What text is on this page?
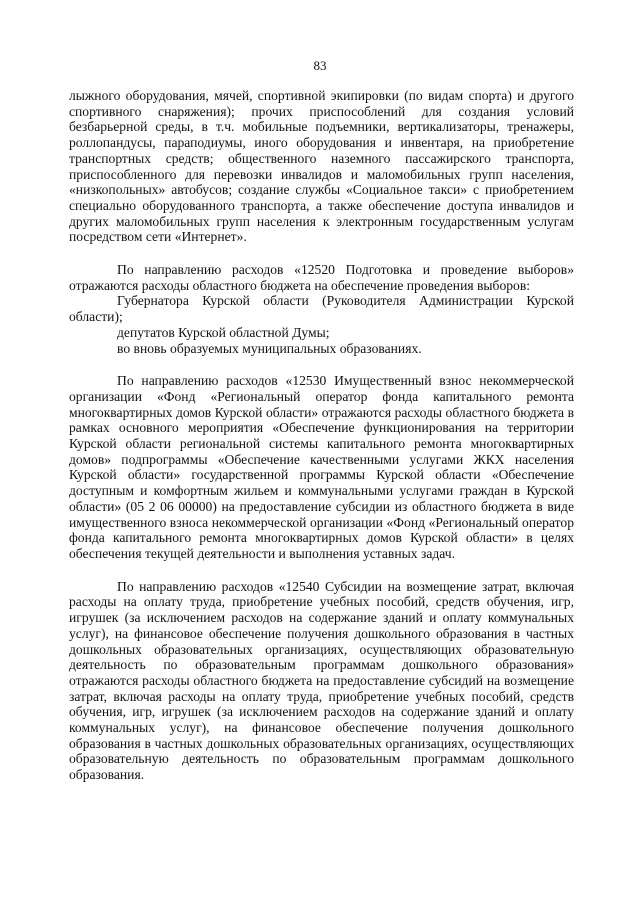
83

лыжного оборудования, мячей, спортивной экипировки (по видам спорта) и другого спортивного снаряжения); прочих приспособлений для создания условий безбарьерной среды, в т.ч. мобильные подъемники, вертикализаторы, тренажеры, роллопандусы, параподиумы, иного оборудования и инвентаря, на приобретение транспортных средств; общественного наземного пассажирского транспорта, приспособленного для перевозки инвалидов и маломобильных групп населения, «низкопольных» автобусов; создание службы «Социальное такси» с приобретением специально оборудованного транспорта, а также обеспечение доступа инвалидов и других маломобильных групп населения к электронным государственным услугам посредством сети «Интернет».

По направлению расходов «12520 Подготовка и проведение выборов» отражаются расходы областного бюджета на обеспечение проведения выборов:

Губернатора Курской области (Руководителя Администрации Курской области);

депутатов Курской областной Думы;

во вновь образуемых муниципальных образованиях.

По направлению расходов «12530 Имущественный взнос некоммерческой организации «Фонд «Региональный оператор фонда капитального ремонта многоквартирных домов Курской области» отражаются расходы областного бюджета в рамках основного мероприятия «Обеспечение функционирования на территории Курской области региональной системы капитального ремонта многоквартирных домов» подпрограммы «Обеспечение качественными услугами ЖКХ населения Курской области» государственной программы Курской области «Обеспечение доступным и комфортным жильем и коммунальными услугами граждан в Курской области» (05 2 06 00000) на предоставление субсидии из областного бюджета в виде имущественного взноса некоммерческой организации «Фонд «Региональный оператор фонда капитального ремонта многоквартирных домов Курской области» в целях обеспечения текущей деятельности и выполнения уставных задач.

По направлению расходов «12540 Субсидии на возмещение затрат, включая расходы на оплату труда, приобретение учебных пособий, средств обучения, игр, игрушек (за исключением расходов на содержание зданий и оплату коммунальных услуг), на финансовое обеспечение получения дошкольного образования в частных дошкольных образовательных организациях, осуществляющих образовательную деятельность по образовательным программам дошкольного образования» отражаются расходы областного бюджета на предоставление субсидий на возмещение затрат, включая расходы на оплату труда, приобретение учебных пособий, средств обучения, игр, игрушек (за исключением расходов на содержание зданий и оплату коммунальных услуг), на финансовое обеспечение получения дошкольного образования в частных дошкольных образовательных организациях, осуществляющих образовательную деятельность по образовательным программам дошкольного образования.
